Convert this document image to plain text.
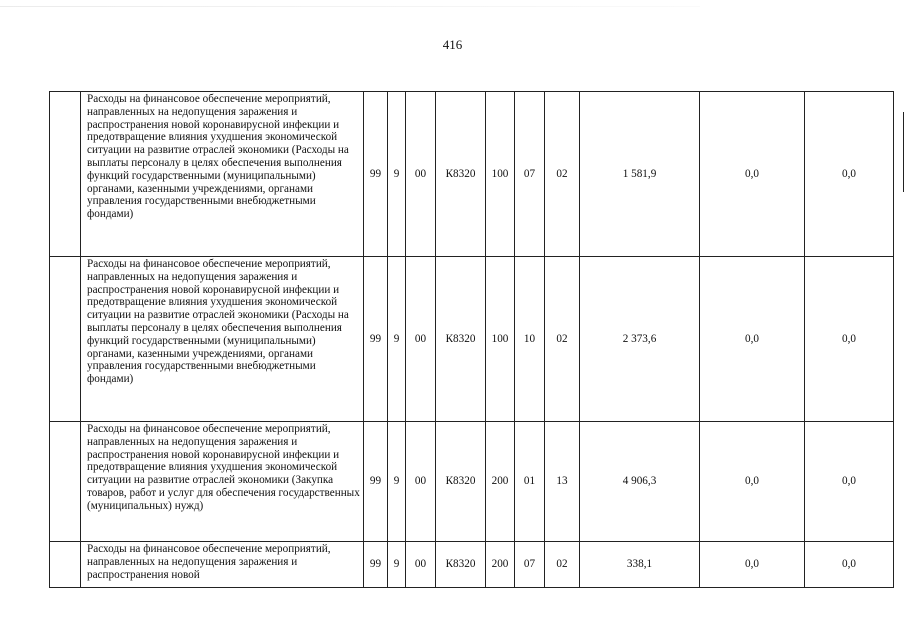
416
	Расходы на финансовое обеспечение мероприятий, направленных на недопущения заражения и распространения новой коронавирусной инфекции и предотвращение влияния ухудшения экономической ситуации на развитие отраслей экономики (Расходы на выплаты персоналу в целях обеспечения выполнения функций государственными (муниципальными) органами, казенными учреждениями, органами управления государственными внебюджетными фондами)	99	9	00	К8320	100	07	02	1 581,9	0,0	0,0
	Расходы на финансовое обеспечение мероприятий, направленных на недопущения заражения и распространения новой коронавирусной инфекции и предотвращение влияния ухудшения экономической ситуации на развитие отраслей экономики (Расходы на выплаты персоналу в целях обеспечения выполнения функций государственными (муниципальными) органами, казенными учреждениями, органами управления государственными внебюджетными фондами)	99	9	00	К8320	100	10	02	2 373,6	0,0	0,0
	Расходы на финансовое обеспечение мероприятий, направленных на недопущения заражения и распространения новой коронавирусной инфекции и предотвращение влияния ухудшения экономической ситуации на развитие отраслей экономики (Закупка товаров, работ и услуг для обеспечения государственных (муниципальных) нужд)	99	9	00	К8320	200	01	13	4 906,3	0,0	0,0
	Расходы на финансовое обеспечение мероприятий, направленных на недопущения заражения и распространения новой	99	9	00	К8320	200	07	02	338,1	0,0	0,0
